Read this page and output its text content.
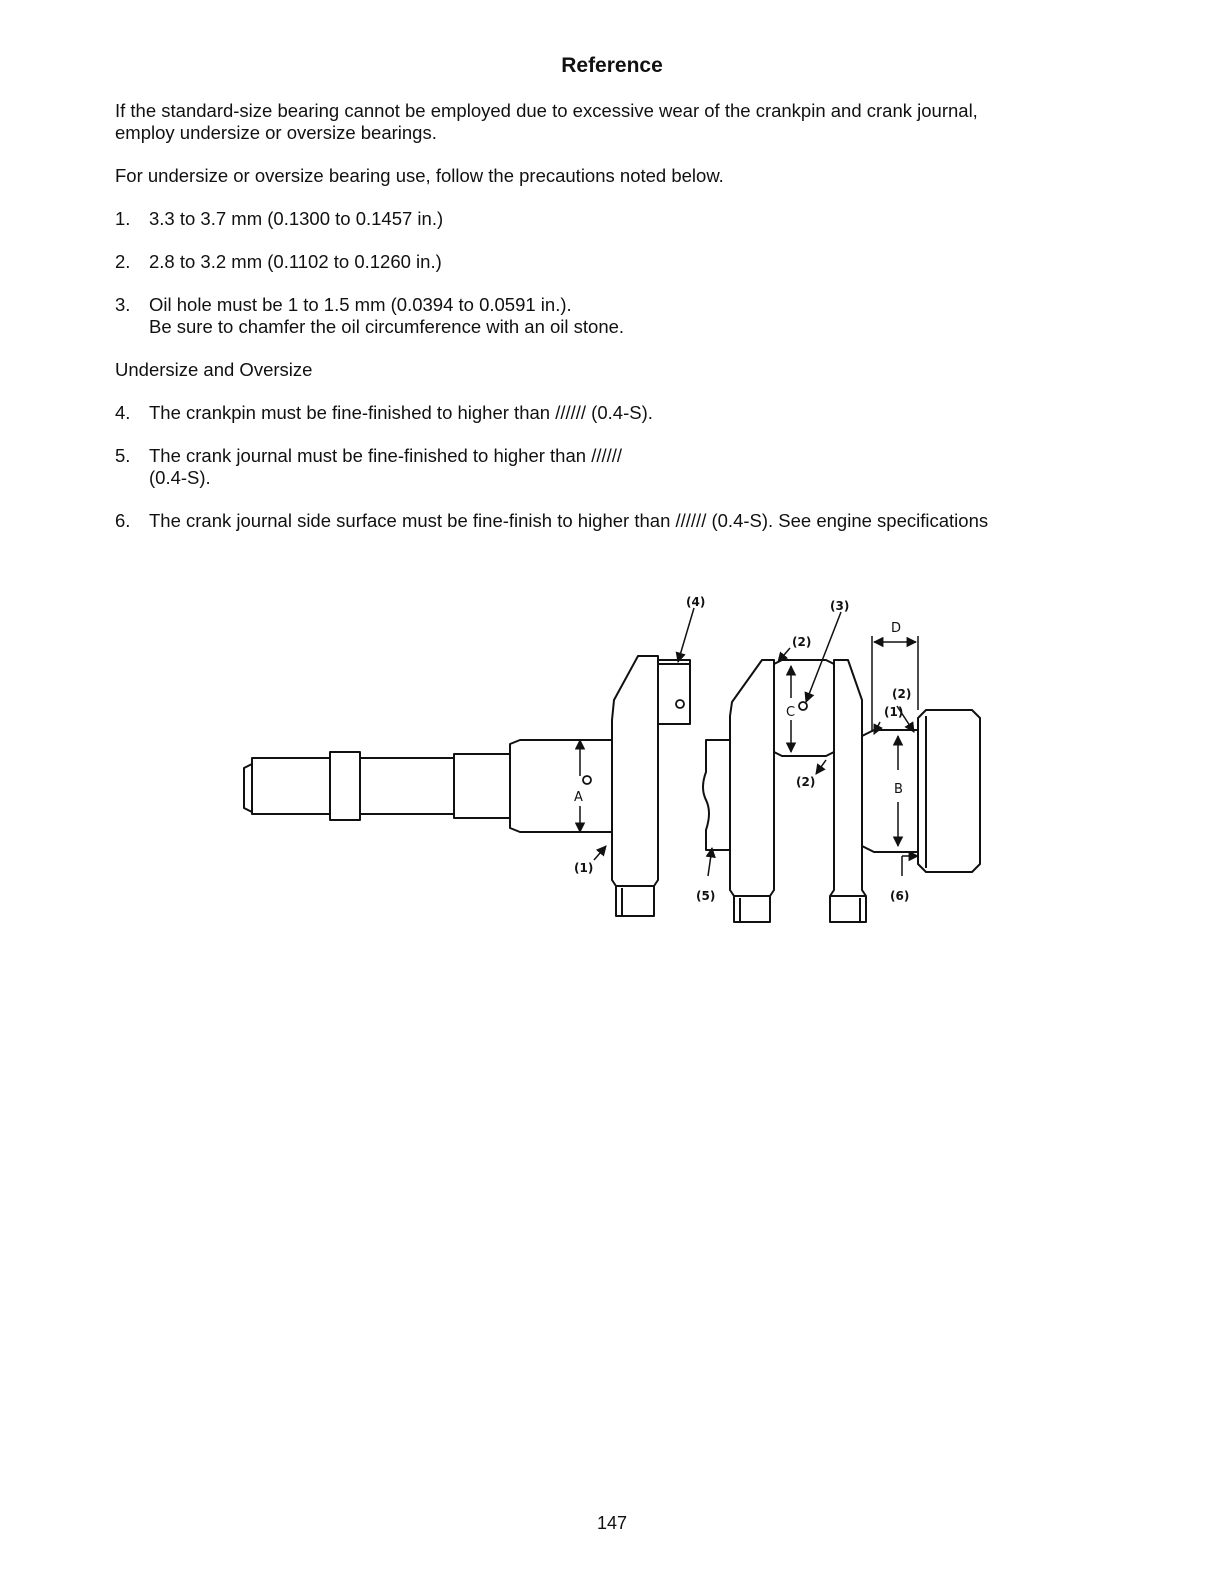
Reference

If the standard-size bearing cannot be employed due to excessive wear of the crankpin and crank journal, employ undersize or oversize bearings.

For undersize or oversize bearing use, follow the precautions noted below.

1.	3.3 to 3.7 mm (0.1300 to 0.1457 in.)
2.	2.8 to 3.2 mm (0.1102 to 0.1260 in.)
3.	Oil hole must be 1 to 1.5 mm (0.0394 to 0.0591 in.).
Be sure to chamfer the oil circumference with an oil stone.

Undersize and Oversize

4.	The crankpin must be fine-finished to higher than ////// (0.4-S).
5.	The crank journal must be fine-finished to higher than //////
(0.4-S).
6.	The crank journal side surface must be fine-finish to higher than ////// (0.4-S). See engine specifications
(4)	(3)
(2)
(2)
(1)
(2)
(1)
(5)	(6)
A
B
C
D
147
